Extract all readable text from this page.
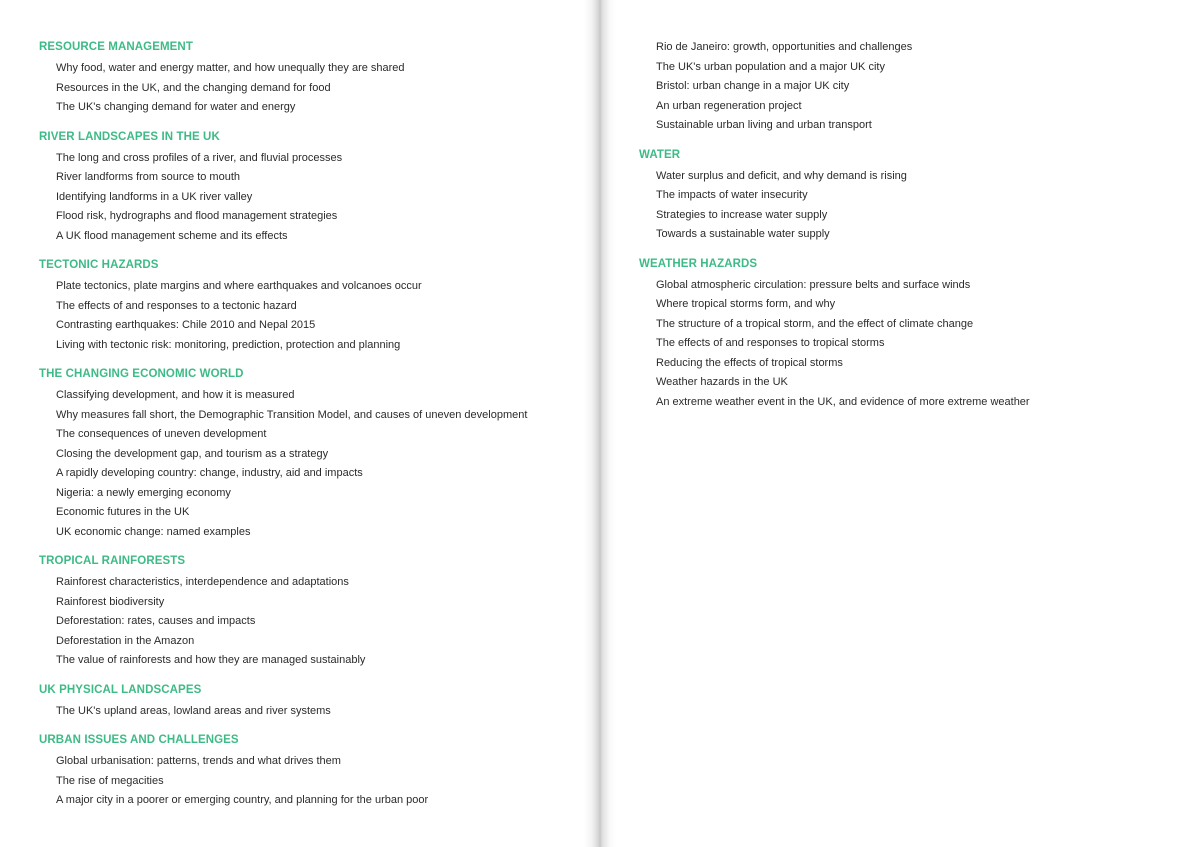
RESOURCE MANAGEMENT
Why food, water and energy matter, and how unequally they are shared
Resources in the UK, and the changing demand for food
The UK's changing demand for water and energy
RIVER LANDSCAPES IN THE UK
The long and cross profiles of a river, and fluvial processes
River landforms from source to mouth
Identifying landforms in a UK river valley
Flood risk, hydrographs and flood management strategies
A UK flood management scheme and its effects
TECTONIC HAZARDS
Plate tectonics, plate margins and where earthquakes and volcanoes occur
The effects of and responses to a tectonic hazard
Contrasting earthquakes: Chile 2010 and Nepal 2015
Living with tectonic risk: monitoring, prediction, protection and planning
THE CHANGING ECONOMIC WORLD
Classifying development, and how it is measured
Why measures fall short, the Demographic Transition Model, and causes of uneven development
The consequences of uneven development
Closing the development gap, and tourism as a strategy
A rapidly developing country: change, industry, aid and impacts
Nigeria: a newly emerging economy
Economic futures in the UK
UK economic change: named examples
TROPICAL RAINFORESTS
Rainforest characteristics, interdependence and adaptations
Rainforest biodiversity
Deforestation: rates, causes and impacts
Deforestation in the Amazon
The value of rainforests and how they are managed sustainably
UK PHYSICAL LANDSCAPES
The UK's upland areas, lowland areas and river systems
URBAN ISSUES AND CHALLENGES
Global urbanisation: patterns, trends and what drives them
The rise of megacities
A major city in a poorer or emerging country, and planning for the urban poor
Rio de Janeiro: growth, opportunities and challenges
The UK's urban population and a major UK city
Bristol: urban change in a major UK city
An urban regeneration project
Sustainable urban living and urban transport
WATER
Water surplus and deficit, and why demand is rising
The impacts of water insecurity
Strategies to increase water supply
Towards a sustainable water supply
WEATHER HAZARDS
Global atmospheric circulation: pressure belts and surface winds
Where tropical storms form, and why
The structure of a tropical storm, and the effect of climate change
The effects of and responses to tropical storms
Reducing the effects of tropical storms
Weather hazards in the UK
An extreme weather event in the UK, and evidence of more extreme weather
